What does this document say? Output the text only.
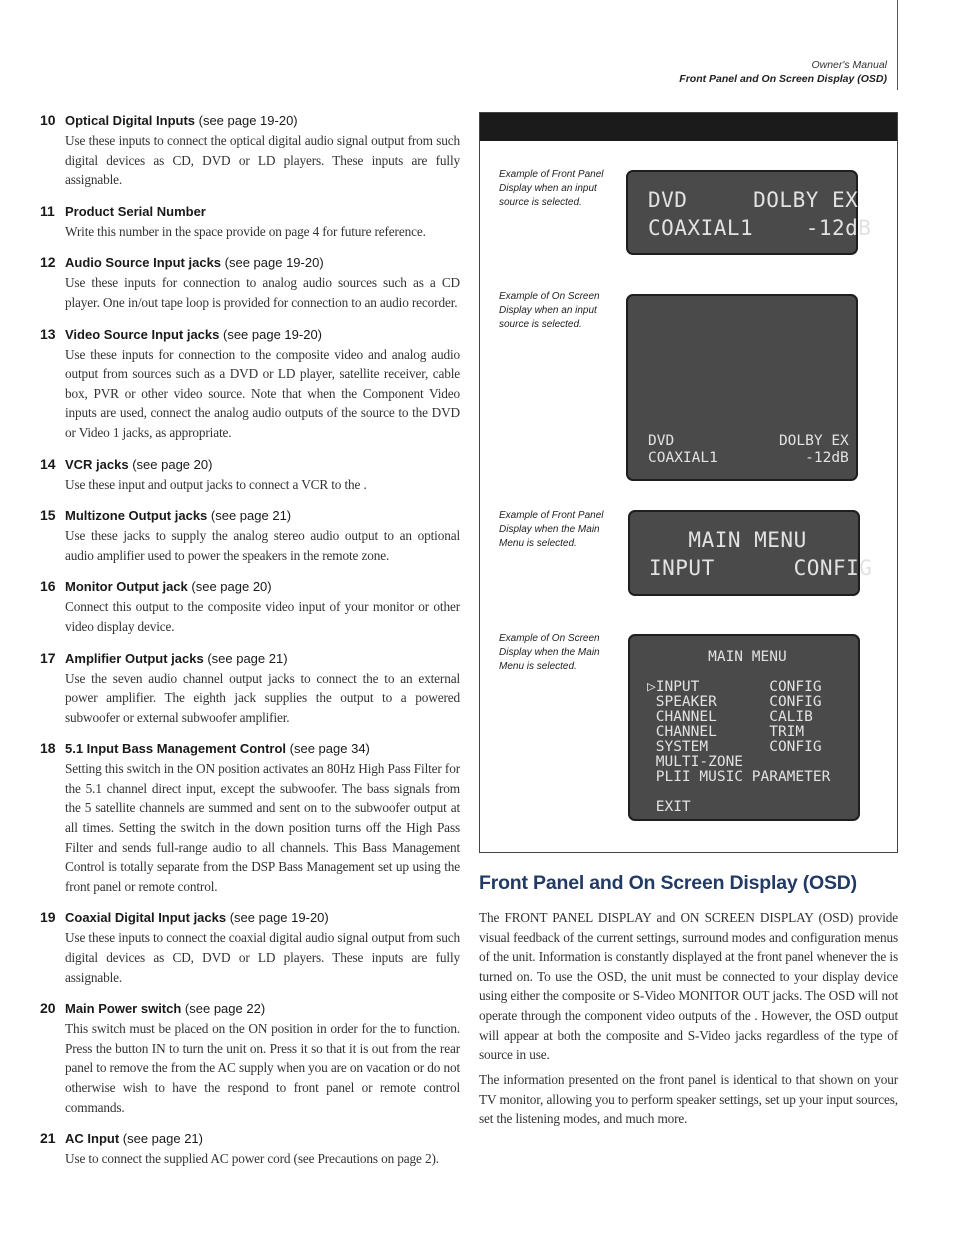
Owner's Manual
Front Panel and On Screen Display (OSD)
10 Optical Digital Inputs (see page 19-20)
Use these inputs to connect the optical digital audio signal output from such digital devices as CD, DVD or LD players. These inputs are fully assignable.
11 Product Serial Number
Write this number in the space provide on page 4 for future reference.
12 Audio Source Input jacks (see page 19-20)
Use these inputs for connection to analog audio sources such as a CD player. One in/out tape loop is provided for connection to an audio recorder.
13 Video Source Input jacks (see page 19-20)
Use these inputs for connection to the composite video and analog audio output from sources such as a DVD or LD player, satellite receiver, cable box, PVR or other video source. Note that when the Component Video inputs are used, connect the analog audio outputs of the source to the DVD or Video 1 jacks, as appropriate.
14 VCR jacks (see page 20)
Use these input and output jacks to connect a VCR to the .
15 Multizone Output jacks (see page 21)
Use these jacks to supply the analog stereo audio output to an optional audio amplifier used to power the speakers in the remote zone.
16 Monitor Output jack (see page 20)
Connect this output to the composite video input of your monitor or other video display device.
17 Amplifier Output jacks (see page 21)
Use the seven audio channel output jacks to connect the to an external power amplifier. The eighth jack supplies the output to a powered subwoofer or external subwoofer amplifier.
18 5.1 Input Bass Management Control (see page 34)
Setting this switch in the ON position activates an 80Hz High Pass Filter for the 5.1 channel direct input, except the subwoofer. The bass signals from the 5 satellite channels are summed and sent on to the subwoofer output at all times. Setting the switch in the down position turns off the High Pass Filter and sends full-range audio to all channels. This Bass Management Control is totally separate from the DSP Bass Management set up using the front panel or remote control.
19 Coaxial Digital Input jacks (see page 19-20)
Use these inputs to connect the coaxial digital audio signal output from such digital devices as CD, DVD or LD players. These inputs are fully assignable.
20 Main Power switch (see page 22)
This switch must be placed on the ON position in order for the to function. Press the button IN to turn the unit on. Press it so that it is out from the rear panel to remove the from the AC supply when you are on vacation or do not otherwise wish to have the respond to front panel or remote control commands.
21 AC Input (see page 21)
Use to connect the supplied AC power cord (see Precautions on page 2).
Example of Front Panel Display when an input source is selected.	DVD     DOLBY EX
COAXIAL1    -12dB
Example of On Screen Display when an input source is selected.
DVD            DOLBY EX
COAXIAL1          -12dB
Example of Front Panel Display when the Main Menu is selected.	MAIN MENU
INPUT      CONFIG
Example of On Screen Display when the Main Menu is selected.
MAIN MENU

▷INPUT        CONFIG
SPEAKER      CONFIG
CHANNEL      CALIB
CHANNEL      TRIM
SYSTEM       CONFIG
MULTI-ZONE
PLII MUSIC PARAMETER

EXIT
Front Panel and On Screen Display (OSD)
The FRONT PANEL DISPLAY and ON SCREEN DISPLAY (OSD) provide visual feedback of the current settings, surround modes and configuration menus of the unit. Information is constantly displayed at the front panel whenever the is turned on. To use the OSD, the unit must be connected to your display device using either the composite or S-Video MONITOR OUT jacks. The OSD will not operate through the component video outputs of the . However, the OSD output will appear at both the composite and S-Video jacks regardless of the type of source in use.
The information presented on the front panel is identical to that shown on your TV monitor, allowing you to perform speaker settings, set up your input sources, set the listening modes, and much more.
